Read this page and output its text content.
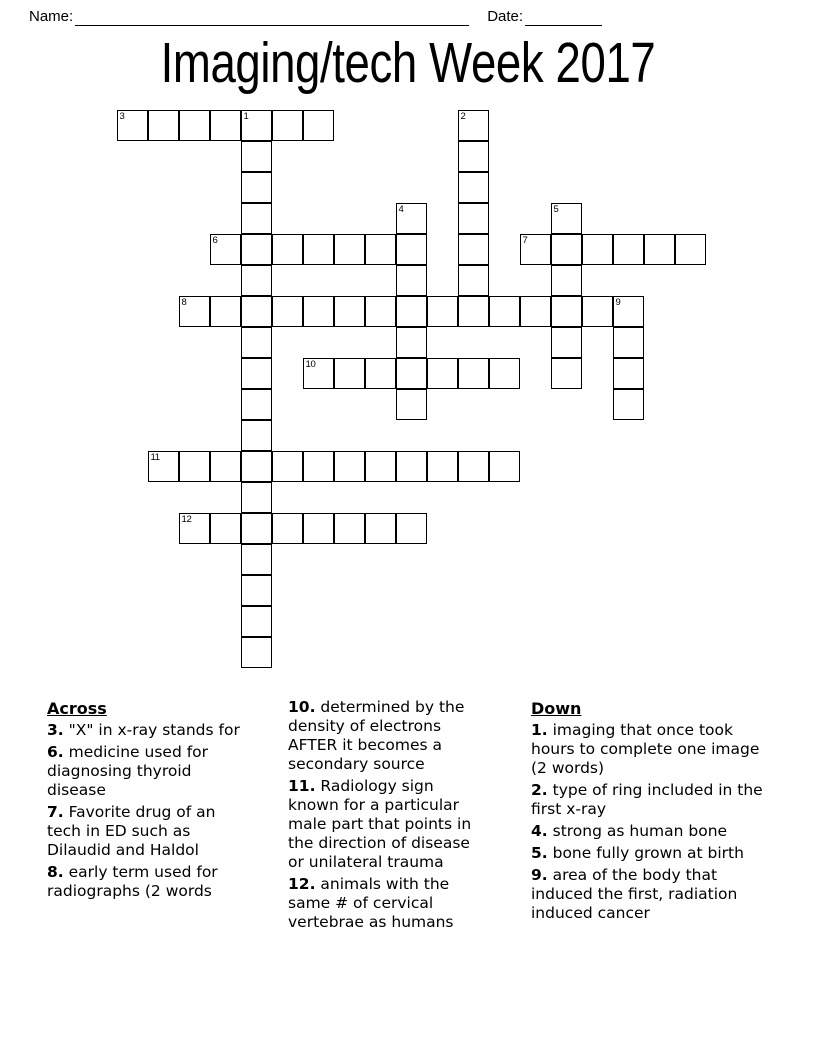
Name:	Date:
Imaging/tech Week 2017
3	1	2
4	5
6	7
8	9
10
11
12
Across
3. "X" in x-ray stands for
6. medicine used for diagnosing thyroid disease
7. Favorite drug of an tech in ED such as Dilaudid and Haldol
8. early term used for radiographs (2 words
10. determined by the density of electrons AFTER it becomes a secondary source
11. Radiology sign known for a particular male part that points in the direction of disease or unilateral trauma
12. animals with the same # of cervical vertebrae as humans
Down
1. imaging that once took hours to complete one image (2 words)
2. type of ring included in the first x-ray
4. strong as human bone
5. bone fully grown at birth
9. area of the body that induced the first, radiation induced cancer
